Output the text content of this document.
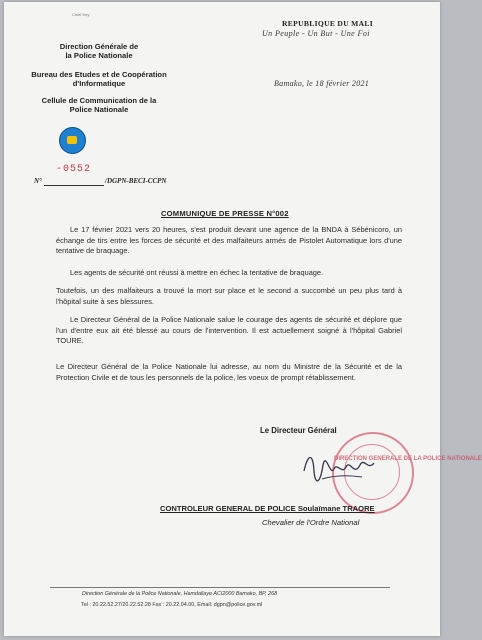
Chief Key
Direction Générale de
la Police Nationale
Bureau des Etudes et de Coopération
d'Informatique
Cellule de Communication de la
Police Nationale
REPUBLIQUE DU MALI
Un Peuple - Un But - Une Foi
Bamako, le 18 février 2021
-0552
N°	/DGPN-BECI-CCPN
COMMUNIQUE DE PRESSE N°002
Le 17 février 2021 vers 20 heures, s'est produit devant une agence de la BNDA à Sébénicoro, un échange de tirs entre les forces de sécurité et des malfaiteurs armés de Pistolet Automatique lors d'une tentative de braquage.
Les agents de sécurité ont réussi à mettre en échec la tentative de braquage.
Toutefois, un des malfaiteurs a trouvé la mort sur place et le second a succombé un peu plus tard à l'hôpital suite à ses blessures.
Le Directeur Général de la Police Nationale salue le courage des agents de sécurité et déplore que l'un d'entre eux ait été blessé au cours de l'intervention. Il est actuellement soigné à l'hôpital Gabriel TOURE.
Le Directeur Général de la Police Nationale lui adresse, au nom du Ministre de la Sécurité et de la Protection Civile et de tous les personnels de la police, les voeux de prompt rétablissement.
Le Directeur Général
DIRECTION GENERALE DE LA POLICE NATIONALE
CONTROLEUR GENERAL DE POLICE Soulaïmane TRAORE
Chevalier de l'Ordre National
Direction Générale de la Police Nationale, Hamdallaye ACI2000 Bamako, BP, 268
Tel : 20.22.52.27/20.22.52.28 Fax : 20.22.04.00, Email: dgpn@police.gov.ml
